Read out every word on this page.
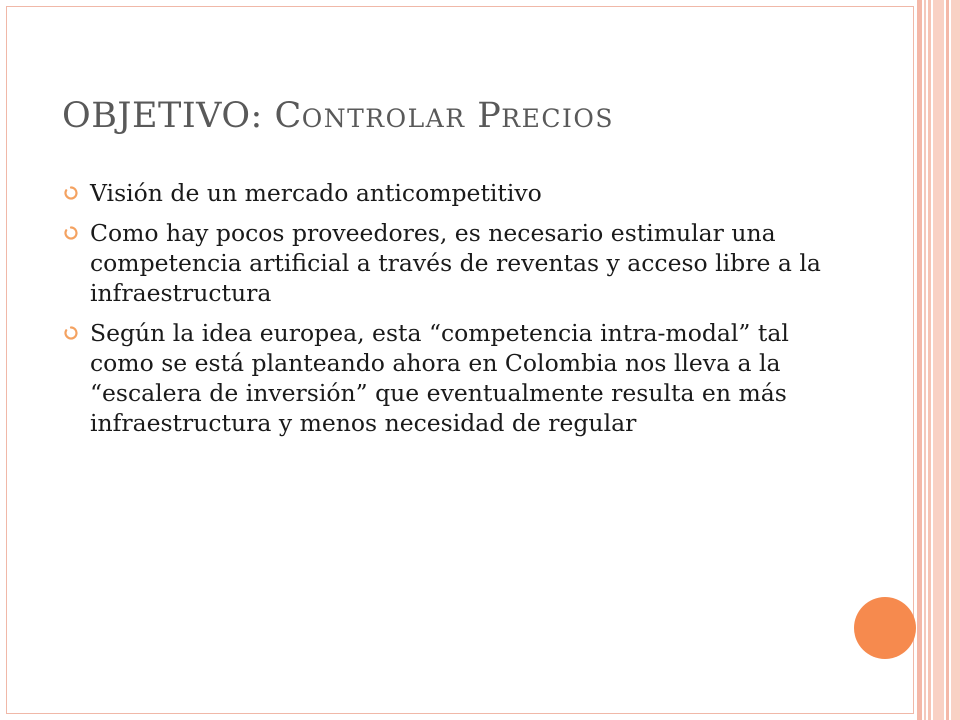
OBJETIVO: CONTROLAR PRECIOS
Visión de un mercado anticompetitivo
Como hay pocos proveedores, es necesario estimular una competencia artificial a través de reventas y acceso libre a la infraestructura
Según la idea europea, esta “competencia intra-modal” tal como se está planteando ahora en Colombia nos lleva a la “escalera de inversión” que eventualmente resulta en más infraestructura y menos necesidad de regular
